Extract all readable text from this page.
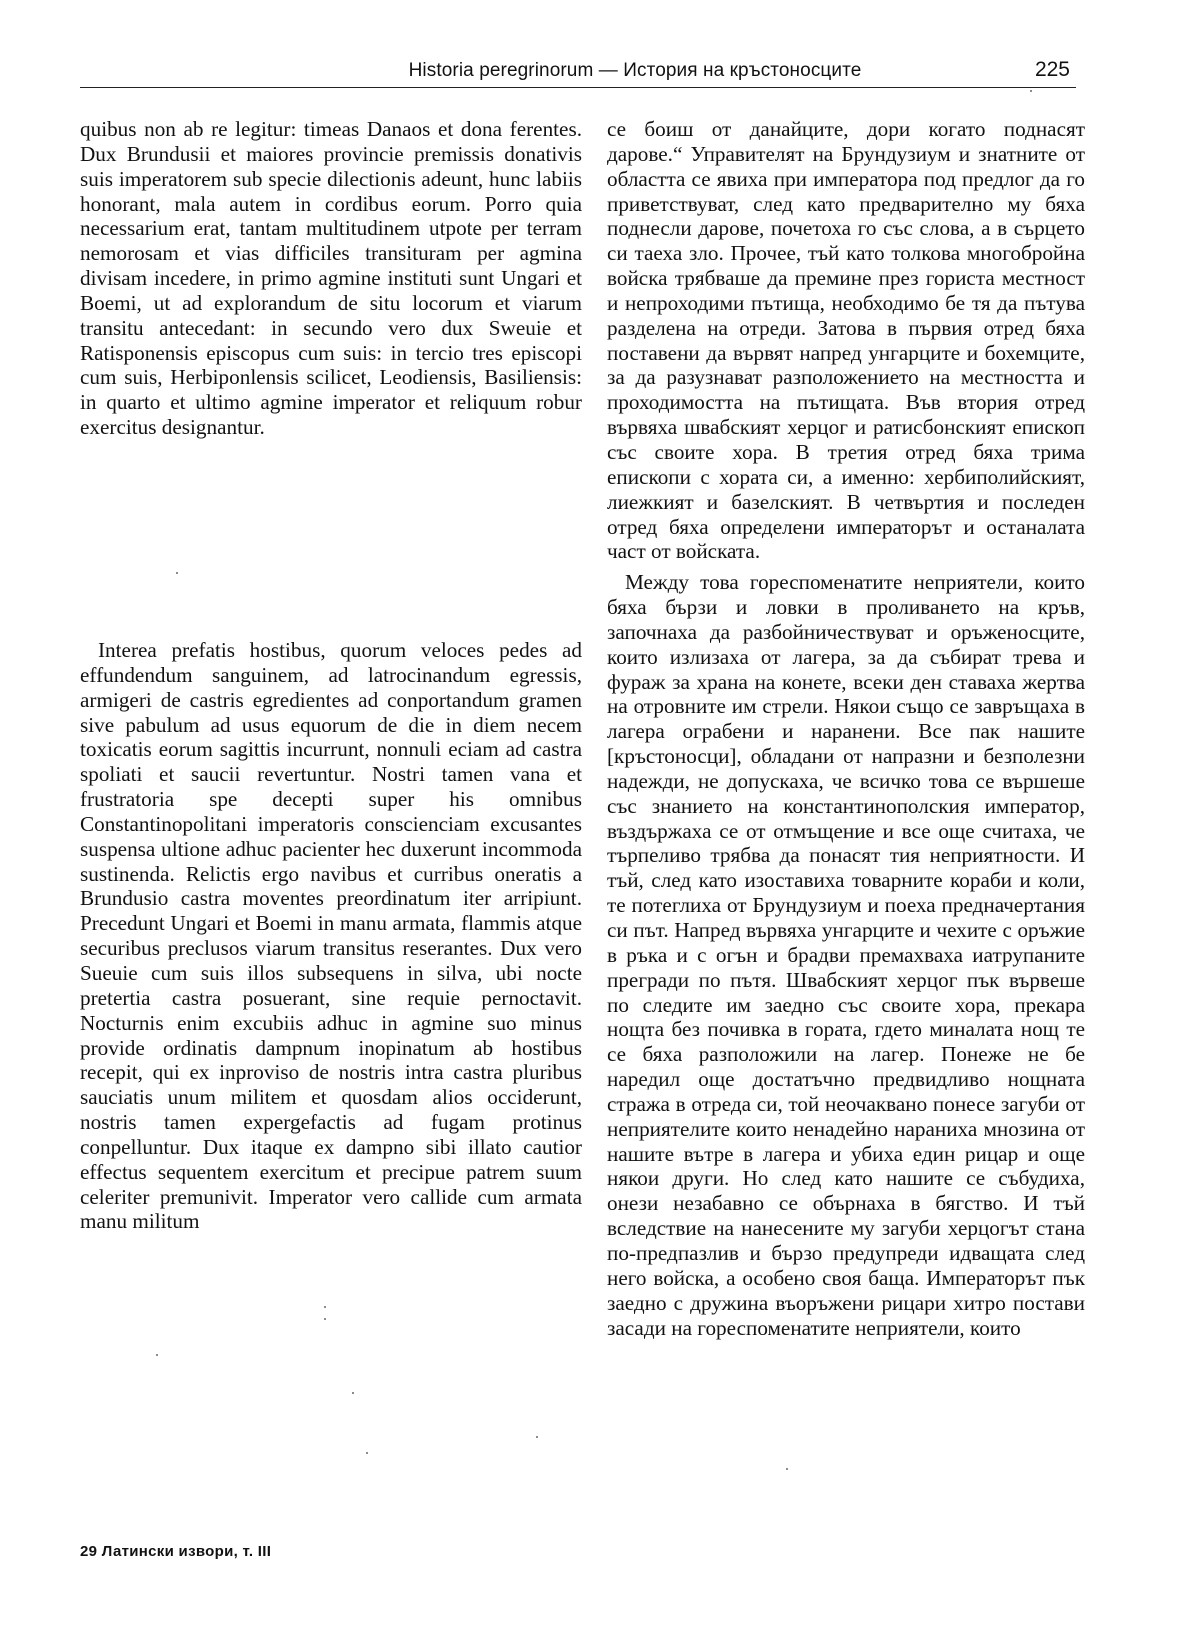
Historia peregrinorum — История на кръстоносците	225

quibus non ab re legitur: timeas Danaos et dona ferentes. Dux Brundusii et maiores provincie premissis donativis suis imperatorem sub specie dilectionis adeunt, hunc labiis honorant, mala autem in cordibus eorum. Porro quia necessarium erat, tantam multitudinem utpote per terram nemorosam et vias difficiles transituram per agmina divisam incedere, in primo agmine instituti sunt Ungari et Boemi, ut ad explorandum de situ locorum et viarum transitu antecedant: in secundo vero dux Sweuie et Ratisponensis episcopus cum suis: in tercio tres episcopi cum suis, Herbiponlensis scilicet, Leodiensis, Basiliensis: in quarto et ultimo agmine imperator et reliquum robur exercitus designantur.

Interea prefatis hostibus, quorum veloces pedes ad effundendum sanguinem, ad latrocinandum egressis, armigeri de castris egredientes ad conportandum gramen sive pabulum ad usus equorum de die in diem necem toxicatis eorum sagittis incurrunt, nonnuli eciam ad castra spoliati et saucii revertuntur. Nostri tamen vana et frustratoria spe decepti super his omnibus Constantinopolitani imperatoris conscienciam excusantes suspensa ultione adhuc pacienter hec duxerunt incommoda sustinenda. Relictis ergo navibus et curribus oneratis a Brundusio castra moventes preordinatum iter arripiunt. Precedunt Ungari et Boemi in manu armata, flammis atque securibus preclusos viarum transitus reserantes. Dux vero Sueuie cum suis illos subsequens in silva, ubi nocte pretertia castra posuerant, sine requie pernoctavit. Nocturnis enim excubiis adhuc in agmine suo minus provide ordinatis dampnum inopinatum ab hostibus recepit, qui ex inproviso de nostris intra castra pluribus sauciatis unum militem et quosdam alios occiderunt, nostris tamen expergefactis ad fugam protinus conpelluntur. Dux itaque ex dampno sibi illato cautior effectus sequentem exercitum et precipue patrem suum celeriter premunivit. Imperator vero callide cum armata manu militum

се боиш от данайците, дори когато поднасят дарове.“ Управителят на Брундузиум и знатните от областта се явиха при императора под предлог да го приветствуват, след като предварително му бяха поднесли дарове, почетоха го със слова, а в сърцето си таеха зло. Прочее, тъй като толкова многобройна войска трябваше да премине през гориста местност и непроходими пътища, необходимо бе тя да пътува разделена на отреди. Затова в първия отред бяха поставени да вървят напред унгарците и бохемците, за да разузнават разположението на местността и проходимостта на пътищата. Във втория отред вървяха швабският херцог и ратисбонският епископ със своите хора. В третия отред бяха трима епископи с хората си, а именно: хербиполийският, лиежкият и базелският. В четвъртия и последен отред бяха определени императорът и останалата част от войската.

Между това гореспоменатите неприятели, които бяха бързи и ловки в проливането на кръв, започнаха да разбойничествуват и оръженосците, които излизаха от лагера, за да събират трева и фураж за храна на конете, всеки ден ставаха жертва на отровните им стрели. Някои също се завръщаха в лагера ограбени и наранени. Все пак нашите [кръстоносци], обладани от напразни и безполезни надежди, не допускаха, че всичко това се вършеше със знанието на константинополския император, въздържаха се от отмъщение и все още считаха, че търпеливо трябва да понасят тия неприятности. И тъй, след като изоставиха товарните кораби и коли, те потеглиха от Брундузиум и поеха предначертания си път. Напред вървяха унгарците и чехите с оръжие в ръка и с огън и брадви премахваха иатрупаните прегради по пътя. Швабският херцог пък вървеше по следите им заедно със своите хора, прекара нощта без почивка в гората, гдето миналата нощ те се бяха разположили на лагер. Понеже не бе наредил още достатъчно предвидливо нощната стража в отреда си, той неочаквано понесе загуби от неприятелите които ненадейно нараниха мнозина от нашите вътре в лагера и убиха един рицар и още някои други. Но след като нашите се събудиха, онези незабавно се обърнаха в бягство. И тъй вследствие на нанесените му загуби херцогът стана по-предпазлив и бързо предупреди идващата след него войска, а особено своя баща. Императорът пък заедно с дружина въоръжени рицари хитро постави засади на гореспоменатите неприятели, които

29 Латински извори, т. III
